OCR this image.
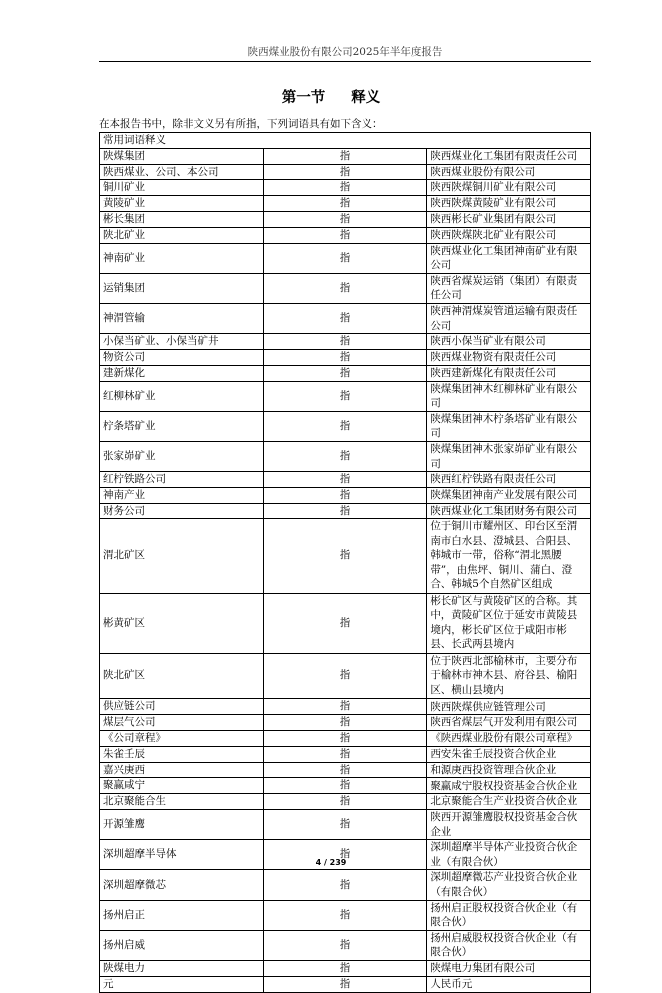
陕西煤业股份有限公司2025年半年度报告
第一节 释义
在本报告书中，除非文义另有所指，下列词语具有如下含义：
常用词语释义		
陕煤集团	指	陕西煤业化工集团有限责任公司
陕西煤业、公司、本公司	指	陕西煤业股份有限公司
铜川矿业	指	陕西陕煤铜川矿业有限公司
黄陵矿业	指	陕西陕煤黄陵矿业有限公司
彬长集团	指	陕西彬长矿业集团有限公司
陕北矿业	指	陕西陕煤陕北矿业有限公司
神南矿业	指	陕西煤业化工集团神南矿业有限公司
运销集团	指	陕西省煤炭运销（集团）有限责任公司
神渭管输	指	陕西神渭煤炭管道运输有限责任公司
小保当矿业、小保当矿井	指	陕西小保当矿业有限公司
物资公司	指	陕西煤业物资有限责任公司
建新煤化	指	陕西建新煤化有限责任公司
红柳林矿业	指	陕煤集团神木红柳林矿业有限公司
柠条塔矿业	指	陕煤集团神木柠条塔矿业有限公司
张家峁矿业	指	陕煤集团神木张家峁矿业有限公司
红柠铁路公司	指	陕西红柠铁路有限责任公司
神南产业	指	陕煤集团神南产业发展有限公司
财务公司	指	陕西煤业化工集团财务有限公司
渭北矿区	指	位于铜川市耀州区、印台区至渭南市白水县、澄城县、合阳县、韩城市一带，俗称“渭北黑腰带”，由焦坪、铜川、蒲白、澄合、韩城5个自然矿区组成
彬黄矿区	指	彬长矿区与黄陵矿区的合称。其中，黄陵矿区位于延安市黄陵县境内，彬长矿区位于咸阳市彬县、长武两县境内
陕北矿区	指	位于陕西北部榆林市，主要分布于榆林市神木县、府谷县、榆阳区、横山县境内
供应链公司	指	陕西陕煤供应链管理公司
煤层气公司	指	陕西省煤层气开发利用有限公司
《公司章程》	指	《陕西煤业股份有限公司章程》
朱雀壬辰	指	西安朱雀壬辰投资合伙企业
嘉兴庚西	指	和源庚西投资管理合伙企业
聚赢咸宁	指	聚赢咸宁股权投资基金合伙企业
北京聚能合生	指	北京聚能合生产业投资合伙企业
开源雏鹰	指	陕西开源雏鹰股权投资基金合伙企业
深圳超摩半导体	指	深圳超摩半导体产业投资合伙企业（有限合伙）
深圳超摩微芯	指	深圳超摩微芯产业投资合伙企业（有限合伙）
扬州启正	指	扬州启正股权投资合伙企业（有限合伙）
扬州启威	指	扬州启威股权投资合伙企业（有限合伙）
陕煤电力	指	陕煤电力集团有限公司
元	指	人民币元
4 / 239
